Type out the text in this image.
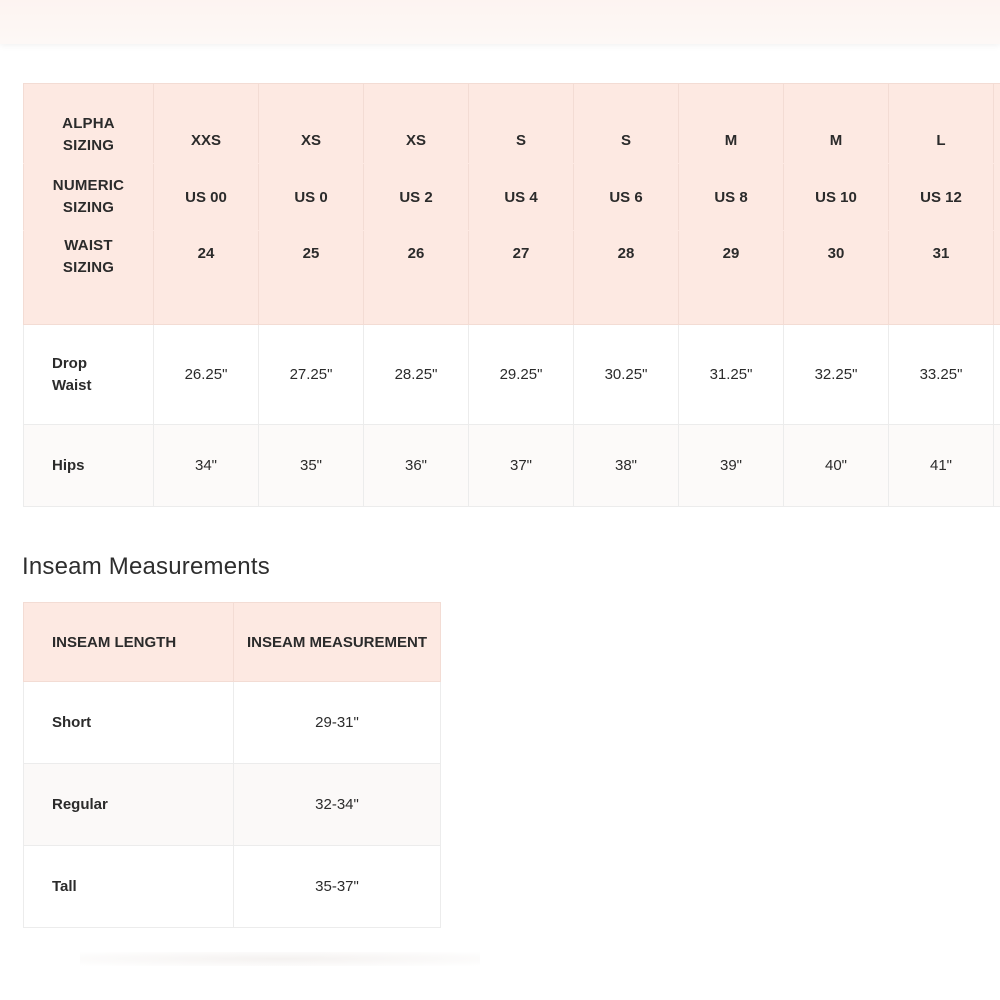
ALPHA
SIZING	XXS	XS	XS	S	S	M	M	L	
NUMERIC
SIZING	US 00	US 0	US 2	US 4	US 6	US 8	US 10	US 12	
WAIST
SIZING	24	25	26	27	28	29	30	31	
Drop
Waist	26.25"	27.25"	28.25"	29.25"	30.25"	31.25"	32.25"	33.25"	
Hips	34"	35"	36"	37"	38"	39"	40"	41"	
Inseam Measurements
INSEAM LENGTH	INSEAM MEASUREMENT
Short	29-31"
Regular	32-34"
Tall	35-37"
